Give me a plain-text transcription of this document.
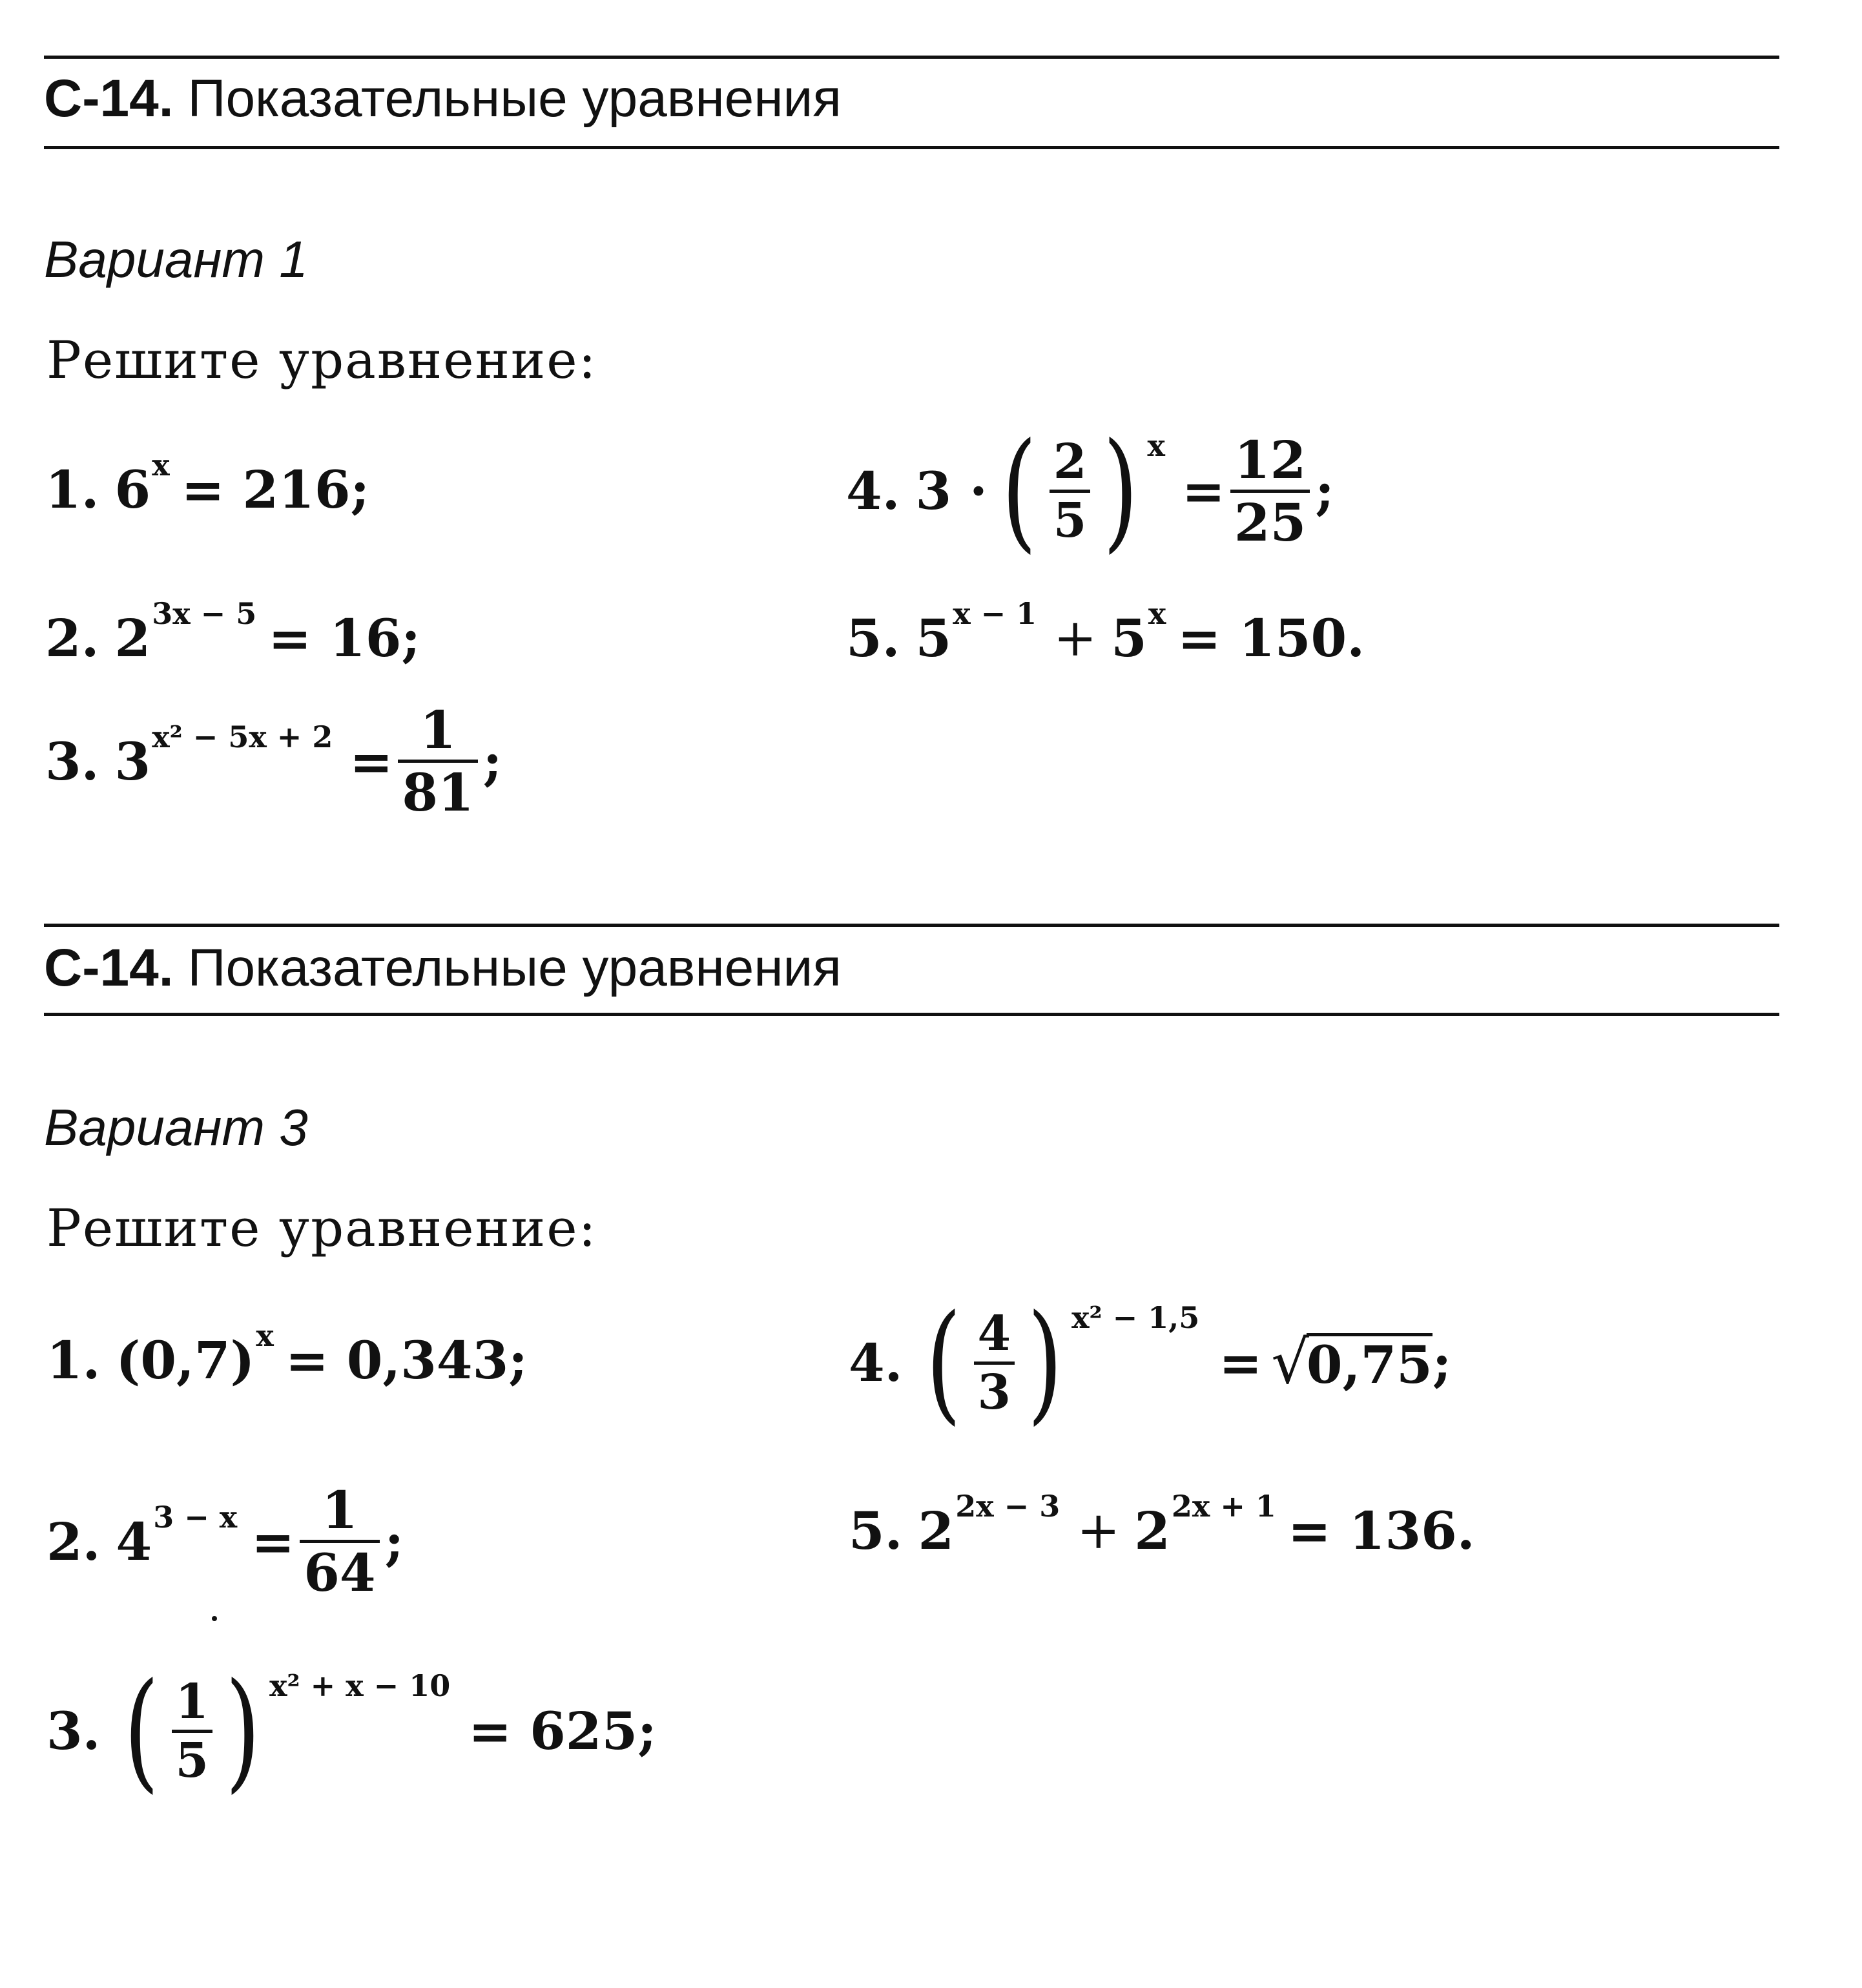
С-14. Показательные уравнения
Вариант 1
Решите уравнение:
1. 6 x = 216;
2. 2 3x − 5 = 16;
3. 3 $x^2 - 5x + 2 = \frac{1}{81}$ ;
4. 3 · ( $\frac{2}{5}$ ) x
= $\frac{12}{25}$ ;
5. 5 x − 1 + 5 x = 150.
С-14. Показательные уравнения
Вариант 3
Решите уравнение:
1. (0,7) x = 0,343;
2. 4 $3 - x = \frac{1}{64}$ ;
3. ( $\frac{1}{5}$ ) x² + x − 10
= 625;
4. ( $\frac{4}{3}$ ) x² − 1,5
= √
0,75 ;
5. 2 2x − 3 + 2 2x + 1 = 136.
